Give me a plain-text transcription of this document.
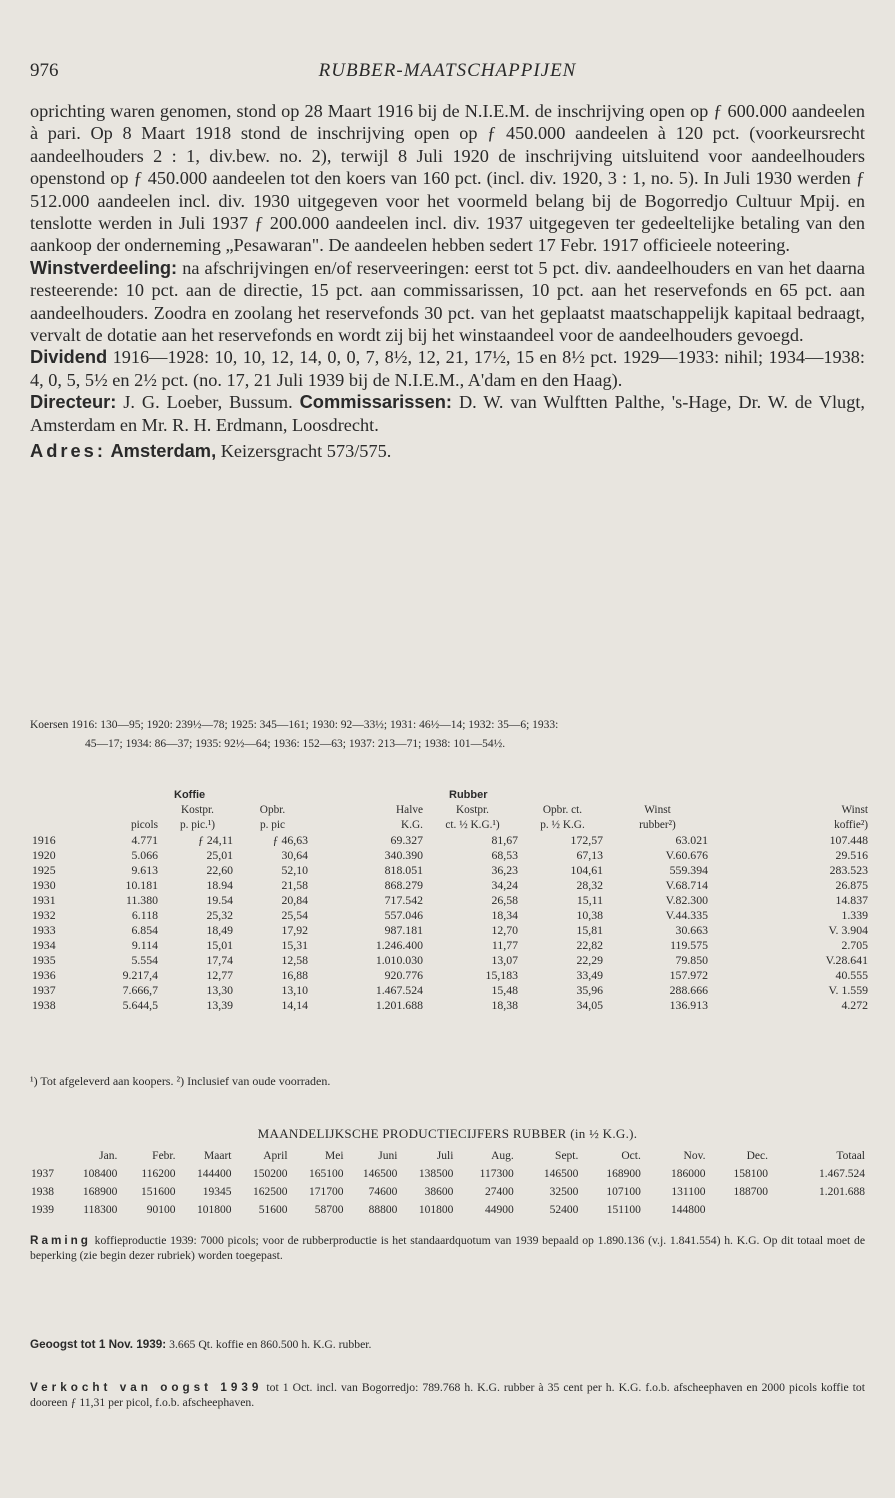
976	RUBBER-MAATSCHAPPIJEN

oprichting waren genomen, stond op 28 Maart 1916 bij de N.I.E.M. de inschrijving open op ƒ 600.000 aandeelen à pari. Op 8 Maart 1918 stond de inschrijving open op ƒ 450.000 aandeelen à 120 pct. (voorkeursrecht aandeelhouders 2 : 1, div.bew. no. 2), terwijl 8 Juli 1920 de inschrijving uitsluitend voor aandeelhouders openstond op ƒ 450.000 aandeelen tot den koers van 160 pct. (incl. div. 1920, 3 : 1, no. 5). In Juli 1930 werden ƒ 512.000 aandeelen incl. div. 1930 uitgegeven voor het voormeld belang bij de Bogorredjo Cultuur Mpij. en tenslotte werden in Juli 1937 ƒ 200.000 aandeelen incl. div. 1937 uitgegeven ter gedeeltelijke betaling van den aankoop der onderneming „Pesawaran". De aandeelen hebben sedert 17 Febr. 1917 officieele noteering.

Winstverdeeling: na afschrijvingen en/of reserveeringen: eerst tot 5 pct. div. aandeelhouders en van het daarna resteerende: 10 pct. aan de directie, 15 pct. aan commissarissen, 10 pct. aan het reservefonds en 65 pct. aan aandeelhouders. Zoodra en zoolang het reservefonds 30 pct. van het geplaatst maatschappelijk kapitaal bedraagt, vervalt de dotatie aan het reservefonds en wordt zij bij het winstaandeel voor de aandeelhouders gevoegd.

Dividend 1916—1928: 10, 10, 12, 14, 0, 0, 7, 8½, 12, 21, 17½, 15 en 8½ pct. 1929—1933: nihil; 1934—1938: 4, 0, 5, 5½ en 2½ pct. (no. 17, 21 Juli 1939 bij de N.I.E.M., A'dam en den Haag).

Directeur: J. G. Loeber, Bussum. Commissarissen: D. W. van Wulftten Palthe, 's-Hage, Dr. W. de Vlugt, Amsterdam en Mr. R. H. Erdmann, Loosdrecht.

Adres: Amsterdam, Keizersgracht 573/575.

Koersen 1916: 130—95; 1920: 239½—78; 1925: 345—161; 1930: 92—33½; 1931: 46½—14; 1932: 35—6; 1933:
45—17; 1934: 86—37; 1935: 92½—64; 1936: 152—63; 1937: 213—71; 1938: 101—54½.
		Koffie			Rubber			
		Kostpr.	Opbr.	Halve	Kostpr.	Opbr. ct.	Winst	Winst
	picols	p. pic.¹)	p. pic	K.G.	ct. ½ K.G.¹)	p. ½ K.G.	rubber²)	koffie²)
1916	4.771	ƒ 24,11	ƒ 46,63	69.327	81,67	172,57	63.021	107.448
1920	5.066	25,01	30,64	340.390	68,53	67,13	V.60.676	29.516
1925	9.613	22,60	52,10	818.051	36,23	104,61	559.394	283.523
1930	10.181	18.94	21,58	868.279	34,24	28,32	V.68.714	26.875
1931	11.380	19.54	20,84	717.542	26,58	15,11	V.82.300	14.837
1932	6.118	25,32	25,54	557.046	18,34	10,38	V.44.335	1.339
1933	6.854	18,49	17,92	987.181	12,70	15,81	30.663	V. 3.904
1934	9.114	15,01	15,31	1.246.400	11,77	22,82	119.575	2.705
1935	5.554	17,74	12,58	1.010.030	13,07	22,29	79.850	V.28.641
1936	9.217,4	12,77	16,88	920.776	15,183	33,49	157.972	40.555
1937	7.666,7	13,30	13,10	1.467.524	15,48	35,96	288.666	V. 1.559
1938	5.644,5	13,39	14,14	1.201.688	18,38	34,05	136.913	4.272
¹) Tot afgeleverd aan koopers. ²) Inclusief van oude voorraden.
MAANDELIJKSCHE PRODUCTIECIJFERS RUBBER (in ½ K.G.).
	Jan.	Febr.	Maart	April	Mei	Juni	Juli	Aug.	Sept.	Oct.	Nov.	Dec.	Totaal
1937	108400	116200	144400	150200	165100	146500	138500	117300	146500	168900	186000	158100	1.467.524
1938	168900	151600	19345	162500	171700	74600	38600	27400	32500	107100	131100	188700	1.201.688
1939	118300	90100	101800	51600	58700	88800	101800	44900	52400	151100	144800		
Raming koffieproductie 1939: 7000 picols; voor de rubberproductie is het standaardquotum van 1939 bepaald op 1.890.136 (v.j. 1.841.554) h. K.G. Op dit totaal moet de beperking (zie begin dezer rubriek) worden toegepast.
Geoogst tot 1 Nov. 1939: 3.665 Qt. koffie en 860.500 h. K.G. rubber.
Verkocht van oogst 1939 tot 1 Oct. incl. van Bogorredjo: 789.768 h. K.G. rubber à 35 cent per h. K.G. f.o.b. afscheephaven en 2000 picols koffie tot dooreen ƒ 11,31 per picol, f.o.b. afscheephaven.
